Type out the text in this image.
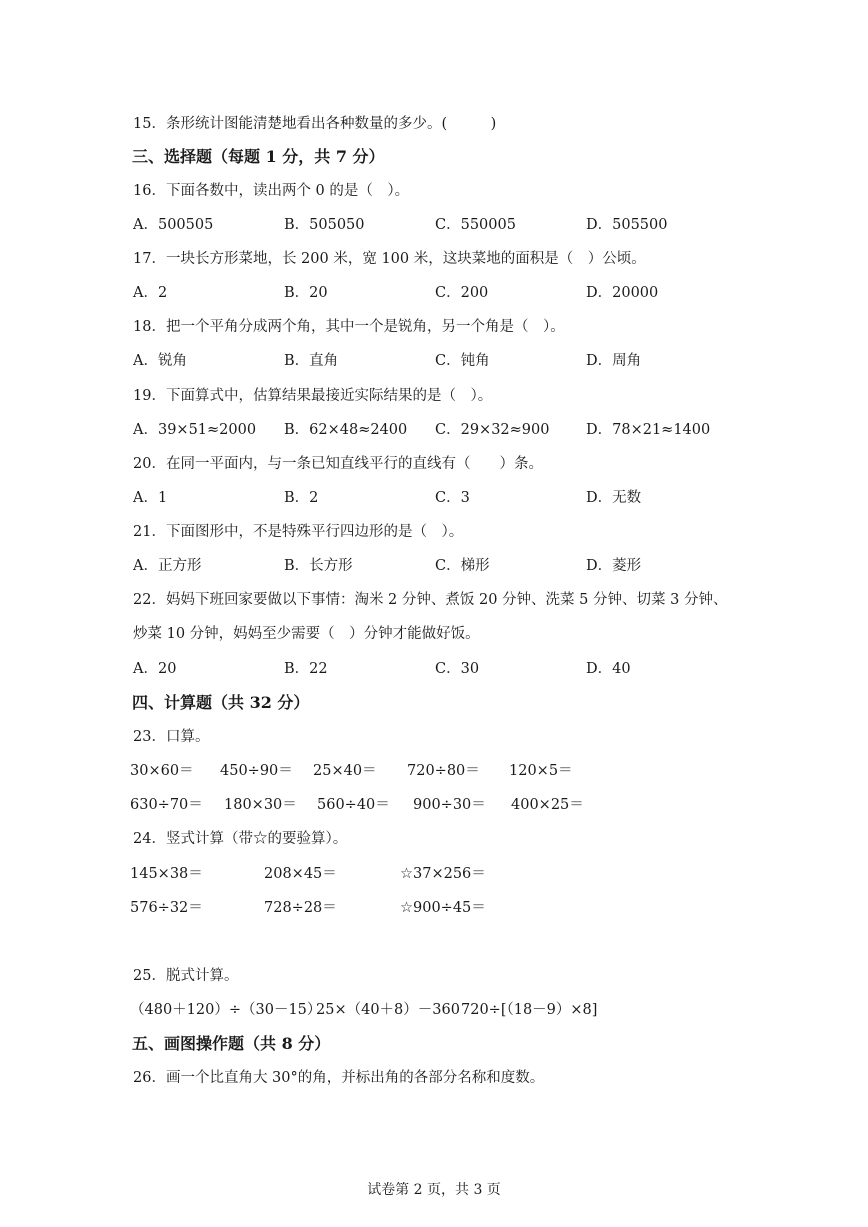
15．条形统计图能清楚地看出各种数量的多少。(　　　)
三、选择题（每题 1 分，共 7 分）
16．下面各数中，读出两个 0 的是（　）。
A．500505	B．505050	C．550005	D．505500
17．一块长方形菜地，长 200 米，宽 100 米，这块菜地的面积是（　）公顷。
A．2	B．20	C．200	D．20000
18．把一个平角分成两个角，其中一个是锐角，另一个角是（　）。
A．锐角	B．直角	C．钝角	D．周角
19．下面算式中，估算结果最接近实际结果的是（　）。
A．39×51≈2000 B．62×48≈2400 C．29×32≈900	D．78×21≈1400
20．在同一平面内，与一条已知直线平行的直线有（　　）条。
A．1	B．2	C．3	D．无数
21．下面图形中，不是特殊平行四边形的是（　）。
A．正方形	B．长方形	C．梯形	D．菱形
22．妈妈下班回家要做以下事情：淘米 2 分钟、煮饭 20 分钟、洗菜 5 分钟、切菜 3 分钟、
炒菜 10 分钟，妈妈至少需要（　）分钟才能做好饭。
A．20	B．22	C．30	D．40
四、计算题（共 32 分）
23．口算。
30×60＝ 450÷90＝ 25×40＝ 720÷80＝ 120×5＝
630÷70＝ 180×30＝ 560÷40＝ 900÷30＝ 400×25＝
24．竖式计算（带☆的要验算）。
145×38＝	208×45＝	☆37×256＝
576÷32＝	728÷28＝	☆900÷45＝
25．脱式计算。
（480＋120）÷（30－15）
25×（40＋8）－360 720÷[（18－9）×8]
五、画图操作题（共 8 分）
26．画一个比直角大 30°的角，并标出角的各部分名称和度数。
试卷第 2 页，共 3 页
